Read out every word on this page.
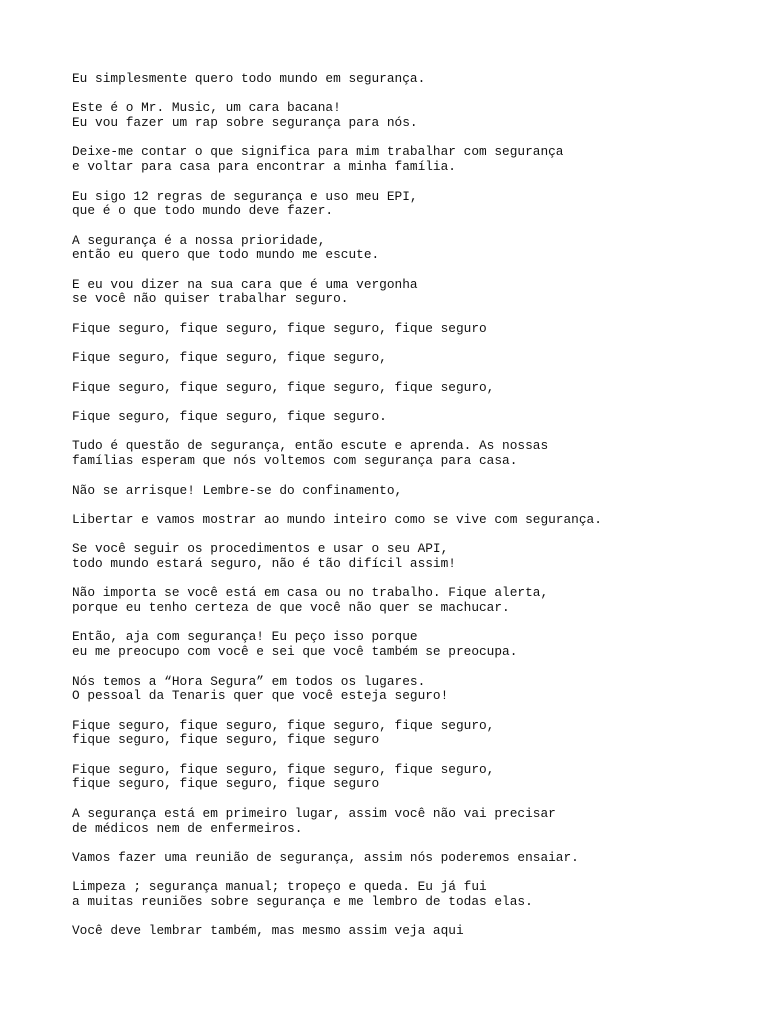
Eu simplesmente quero todo mundo em segurança.
Este é o Mr. Music, um cara bacana!
Eu vou fazer um rap sobre segurança para nós.
Deixe-me contar o que significa para mim trabalhar com segurança
e voltar para casa para encontrar a minha família.
Eu sigo 12 regras de segurança e uso meu EPI,
que é o que todo mundo deve fazer.
A segurança é a nossa prioridade,
então eu quero que todo mundo me escute.
E eu vou dizer na sua cara que é uma vergonha
se você não quiser trabalhar seguro.
Fique seguro, fique seguro, fique seguro, fique seguro
Fique seguro, fique seguro, fique seguro,
Fique seguro, fique seguro, fique seguro, fique seguro,
Fique seguro, fique seguro, fique seguro.
Tudo é questão de segurança, então escute e aprenda. As nossas
famílias esperam que nós voltemos com segurança para casa.
Não se arrisque! Lembre-se do confinamento,
Libertar e vamos mostrar ao mundo inteiro como se vive com segurança.
Se você seguir os procedimentos e usar o seu API,
todo mundo estará seguro, não é tão difícil assim!
Não importa se você está em casa ou no trabalho. Fique alerta,
porque eu tenho certeza de que você não quer se machucar.
Então, aja com segurança! Eu peço isso porque
eu me preocupo com você e sei que você também se preocupa.
Nós temos a “Hora Segura” em todos os lugares.
O pessoal da Tenaris quer que você esteja seguro!
Fique seguro, fique seguro, fique seguro, fique seguro,
fique seguro, fique seguro, fique seguro
Fique seguro, fique seguro, fique seguro, fique seguro,
fique seguro, fique seguro, fique seguro
A segurança está em primeiro lugar, assim você não vai precisar
de médicos nem de enfermeiros.
Vamos fazer uma reunião de segurança, assim nós poderemos ensaiar.
Limpeza ; segurança manual; tropeço e queda. Eu já fui
a muitas reuniões sobre segurança e me lembro de todas elas.
Você deve lembrar também, mas mesmo assim veja aqui
